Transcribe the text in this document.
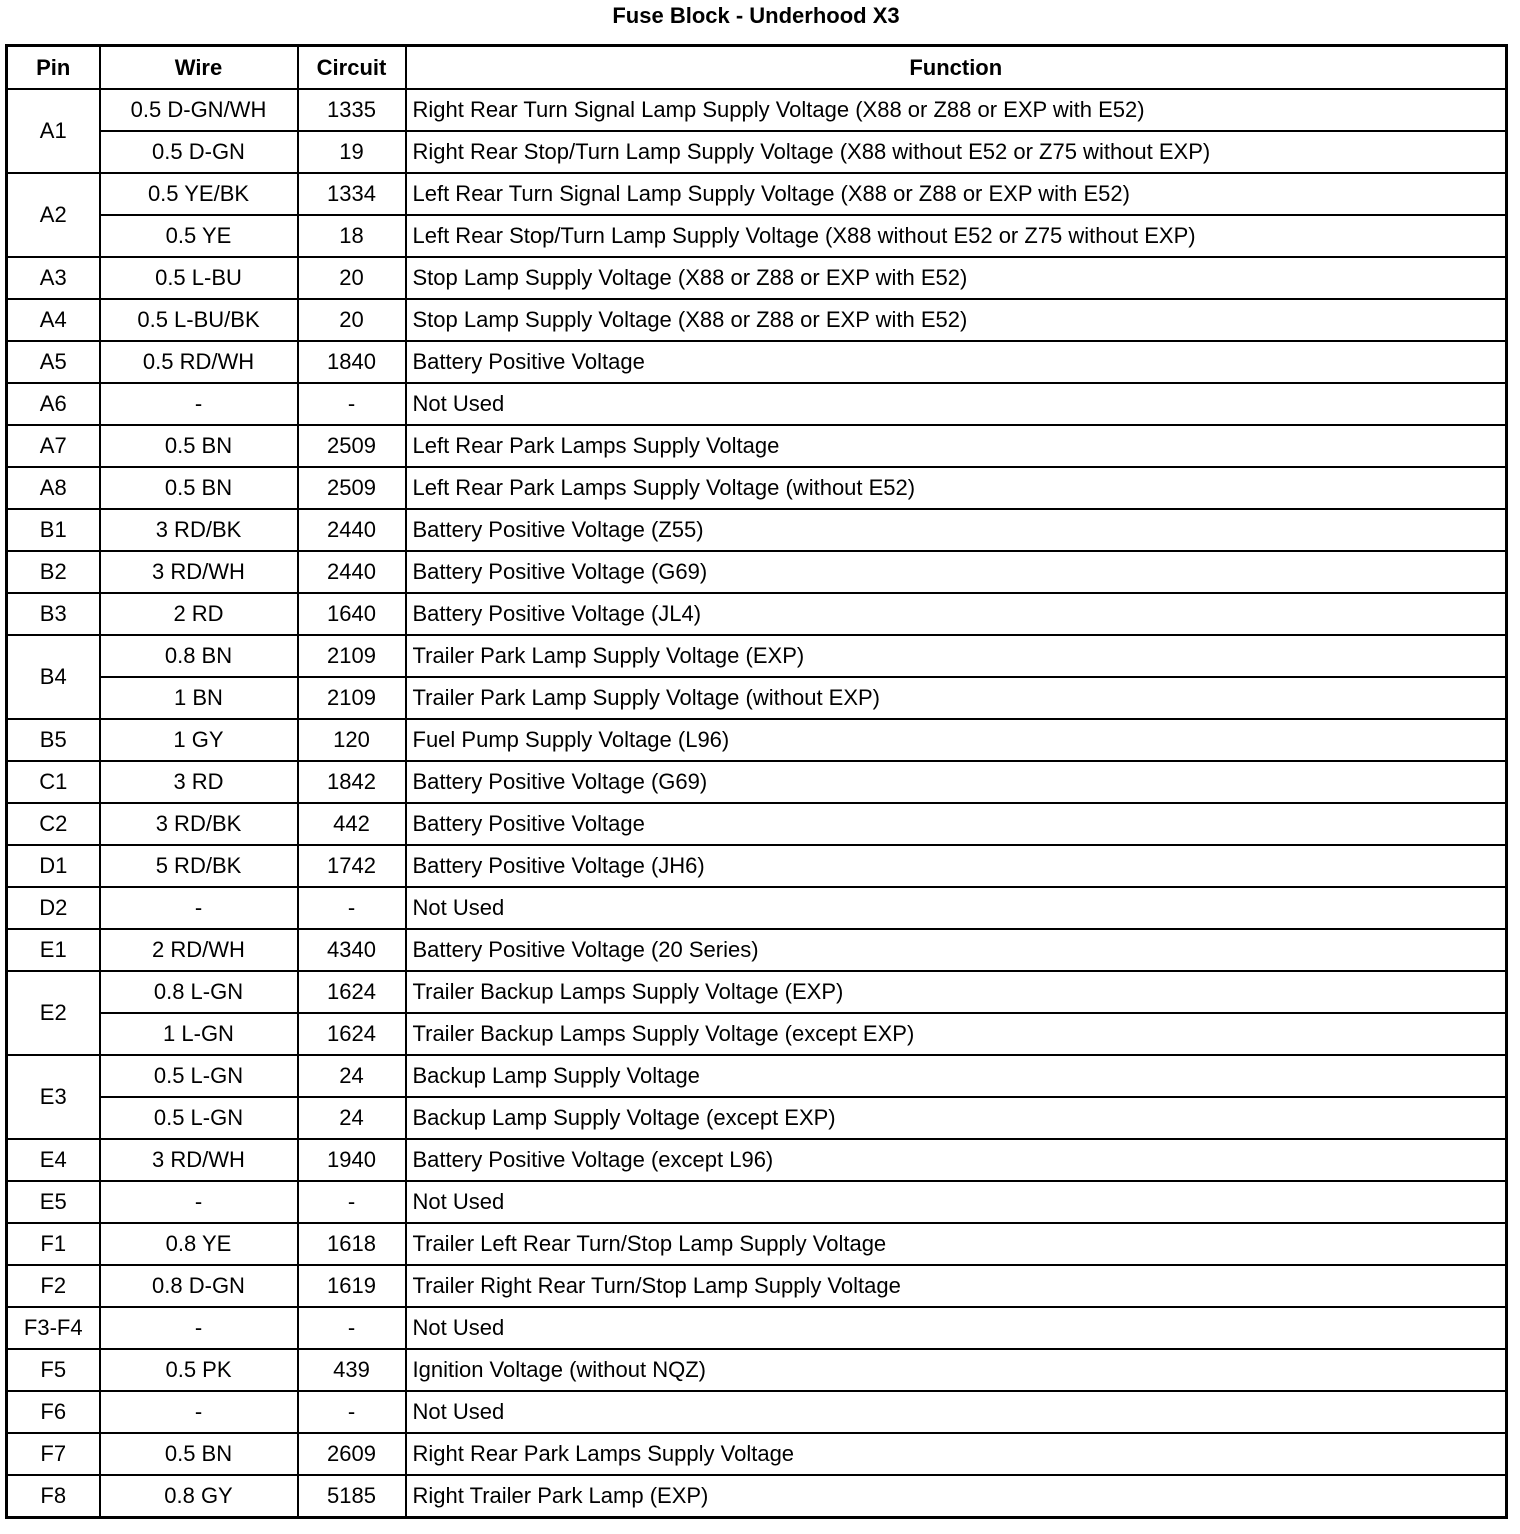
Fuse Block - Underhood X3
Pin	Wire	Circuit	Function
A1	0.5 D-GN/WH	1335	Right Rear Turn Signal Lamp Supply Voltage (X88 or Z88 or EXP with E52)
	0.5 D-GN	19	Right Rear Stop/Turn Lamp Supply Voltage (X88 without E52 or Z75 without EXP)
A2	0.5 YE/BK	1334	Left Rear Turn Signal Lamp Supply Voltage (X88 or Z88 or EXP with E52)
	0.5 YE	18	Left Rear Stop/Turn Lamp Supply Voltage (X88 without E52 or Z75 without EXP)
A3	0.5 L-BU	20	Stop Lamp Supply Voltage (X88 or Z88 or EXP with E52)
A4	0.5 L-BU/BK	20	Stop Lamp Supply Voltage (X88 or Z88 or EXP with E52)
A5	0.5 RD/WH	1840	Battery Positive Voltage
A6	-	-	Not Used
A7	0.5 BN	2509	Left Rear Park Lamps Supply Voltage
A8	0.5 BN	2509	Left Rear Park Lamps Supply Voltage (without E52)
B1	3 RD/BK	2440	Battery Positive Voltage (Z55)
B2	3 RD/WH	2440	Battery Positive Voltage (G69)
B3	2 RD	1640	Battery Positive Voltage (JL4)
B4	0.8 BN	2109	Trailer Park Lamp Supply Voltage (EXP)
	1 BN	2109	Trailer Park Lamp Supply Voltage (without EXP)
B5	1 GY	120	Fuel Pump Supply Voltage (L96)
C1	3 RD	1842	Battery Positive Voltage (G69)
C2	3 RD/BK	442	Battery Positive Voltage
D1	5 RD/BK	1742	Battery Positive Voltage (JH6)
D2	-	-	Not Used
E1	2 RD/WH	4340	Battery Positive Voltage (20 Series)
E2	0.8 L-GN	1624	Trailer Backup Lamps Supply Voltage (EXP)
	1 L-GN	1624	Trailer Backup Lamps Supply Voltage (except EXP)
E3	0.5 L-GN	24	Backup Lamp Supply Voltage
	0.5 L-GN	24	Backup Lamp Supply Voltage (except EXP)
E4	3 RD/WH	1940	Battery Positive Voltage (except L96)
E5	-	-	Not Used
F1	0.8 YE	1618	Trailer Left Rear Turn/Stop Lamp Supply Voltage
F2	0.8 D-GN	1619	Trailer Right Rear Turn/Stop Lamp Supply Voltage
F3-F4	-	-	Not Used
F5	0.5 PK	439	Ignition Voltage (without NQZ)
F6	-	-	Not Used
F7	0.5 BN	2609	Right Rear Park Lamps Supply Voltage
F8	0.8 GY	5185	Right Trailer Park Lamp (EXP)
